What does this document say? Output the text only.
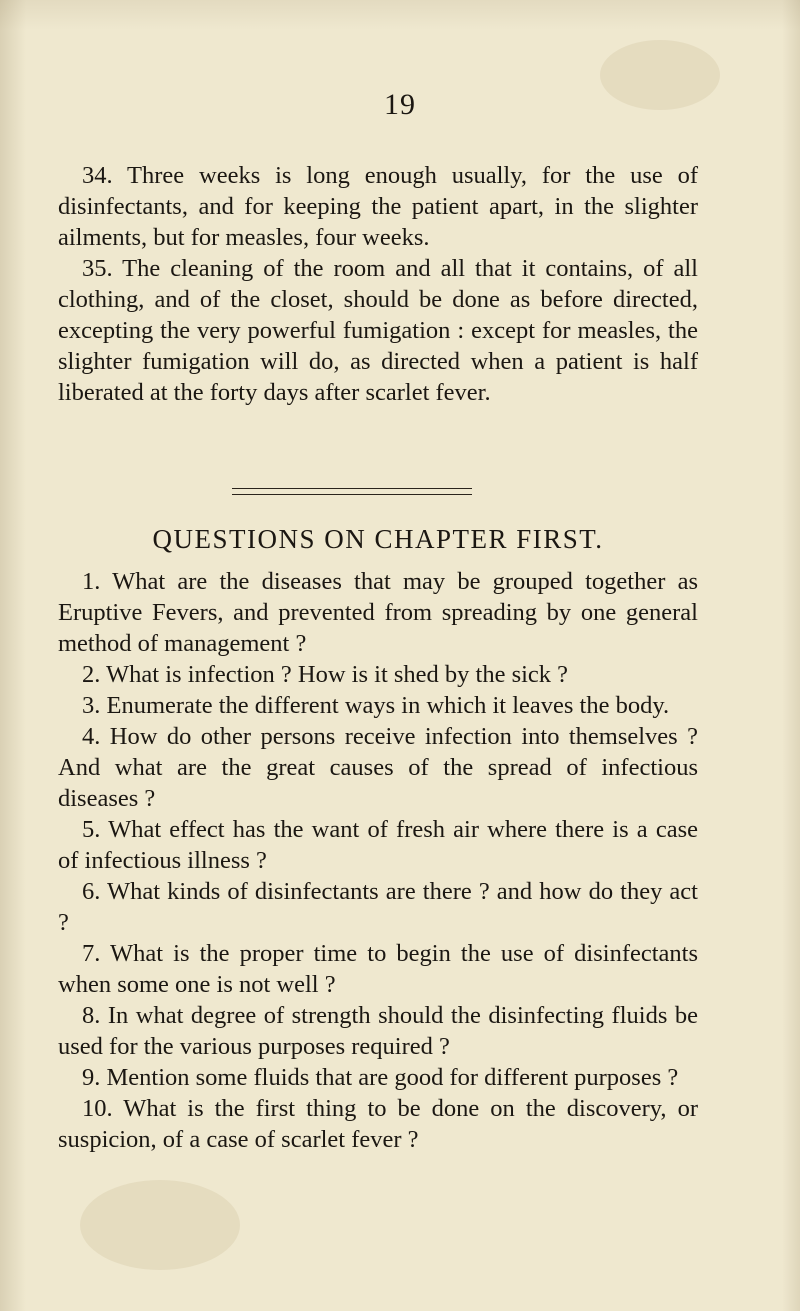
19

34. Three weeks is long enough usually, for the use of disinfectants, and for keeping the patient apart, in the slighter ailments, but for measles, four weeks.

35. The cleaning of the room and all that it contains, of all clothing, and of the closet, should be done as before directed, excepting the very powerful fumigation : except for measles, the slighter fumigation will do, as directed when a patient is half liberated at the forty days after scarlet fever.

QUESTIONS ON CHAPTER FIRST.

1. What are the diseases that may be grouped together as Eruptive Fevers, and prevented from spreading by one general method of management ?

2. What is infection ? How is it shed by the sick ?

3. Enumerate the different ways in which it leaves the body.

4. How do other persons receive infection into themselves ? And what are the great causes of the spread of infectious diseases ?

5. What effect has the want of fresh air where there is a case of infectious illness ?

6. What kinds of disinfectants are there ? and how do they act ?

7. What is the proper time to begin the use of disinfectants when some one is not well ?

8. In what degree of strength should the disinfecting fluids be used for the various purposes required ?

9. Mention some fluids that are good for different purposes ?

10. What is the first thing to be done on the discovery, or suspicion, of a case of scarlet fever ?
